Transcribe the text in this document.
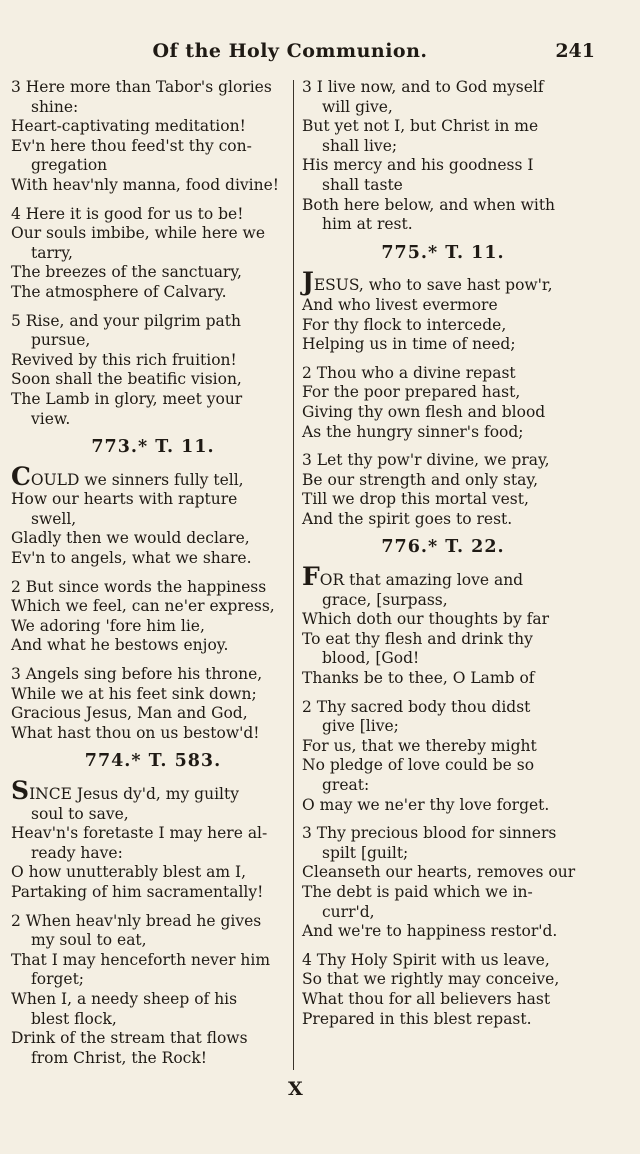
Of the Holy Communion.	241
3 Here more than Tabor's glories
shine:
Heart-captivating meditation!
Ev'n here thou feed'st thy con-
gregation
With heav'nly manna, food divine!
4 Here it is good for us to be!
Our souls imbibe, while here we
tarry,
The breezes of the sanctuary,
The atmosphere of Calvary.
5 Rise, and your pilgrim path
pursue,
Revived by this rich fruition!
Soon shall the beatific vision,
The Lamb in glory, meet your
view.
773.* T. 11.
COULD we sinners fully tell,
How our hearts with rapture
swell,
Gladly then we would declare,
Ev'n to angels, what we share.
2 But since words the happiness
Which we feel, can ne'er express,
We adoring 'fore him lie,
And what he bestows enjoy.
3 Angels sing before his throne,
While we at his feet sink down;
Gracious Jesus, Man and God,
What hast thou on us bestow'd!
774.* T. 583.
SINCE Jesus dy'd, my guilty
soul to save,
Heav'n's foretaste I may here al-
ready have:
O how unutterably blest am I,
Partaking of him sacramentally!
2 When heav'nly bread he gives
my soul to eat,
That I may henceforth never him
forget;
When I, a needy sheep of his
blest flock,
Drink of the stream that flows
from Christ, the Rock!
3 I live now, and to God myself
will give,
But yet not I, but Christ in me
shall live;
His mercy and his goodness I
shall taste
Both here below, and when with
him at rest.
775.* T. 11.
JESUS, who to save hast pow'r,
And who livest evermore
For thy flock to intercede,
Helping us in time of need;
2 Thou who a divine repast
For the poor prepared hast,
Giving thy own flesh and blood
As the hungry sinner's food;
3 Let thy pow'r divine, we pray,
Be our strength and only stay,
Till we drop this mortal vest,
And the spirit goes to rest.
776.* T. 22.
FOR that amazing love and
grace, [surpass,
Which doth our thoughts by far
To eat thy flesh and drink thy
blood, [God!
Thanks be to thee, O Lamb of
2 Thy sacred body thou didst
give [live;
For us, that we thereby might
No pledge of love could be so
great:
O may we ne'er thy love forget.
3 Thy precious blood for sinners
spilt [guilt;
Cleanseth our hearts, removes our
The debt is paid which we in-
curr'd,
And we're to happiness restor'd.
4 Thy Holy Spirit with us leave,
So that we rightly may conceive,
What thou for all believers hast
Prepared in this blest repast.
X
